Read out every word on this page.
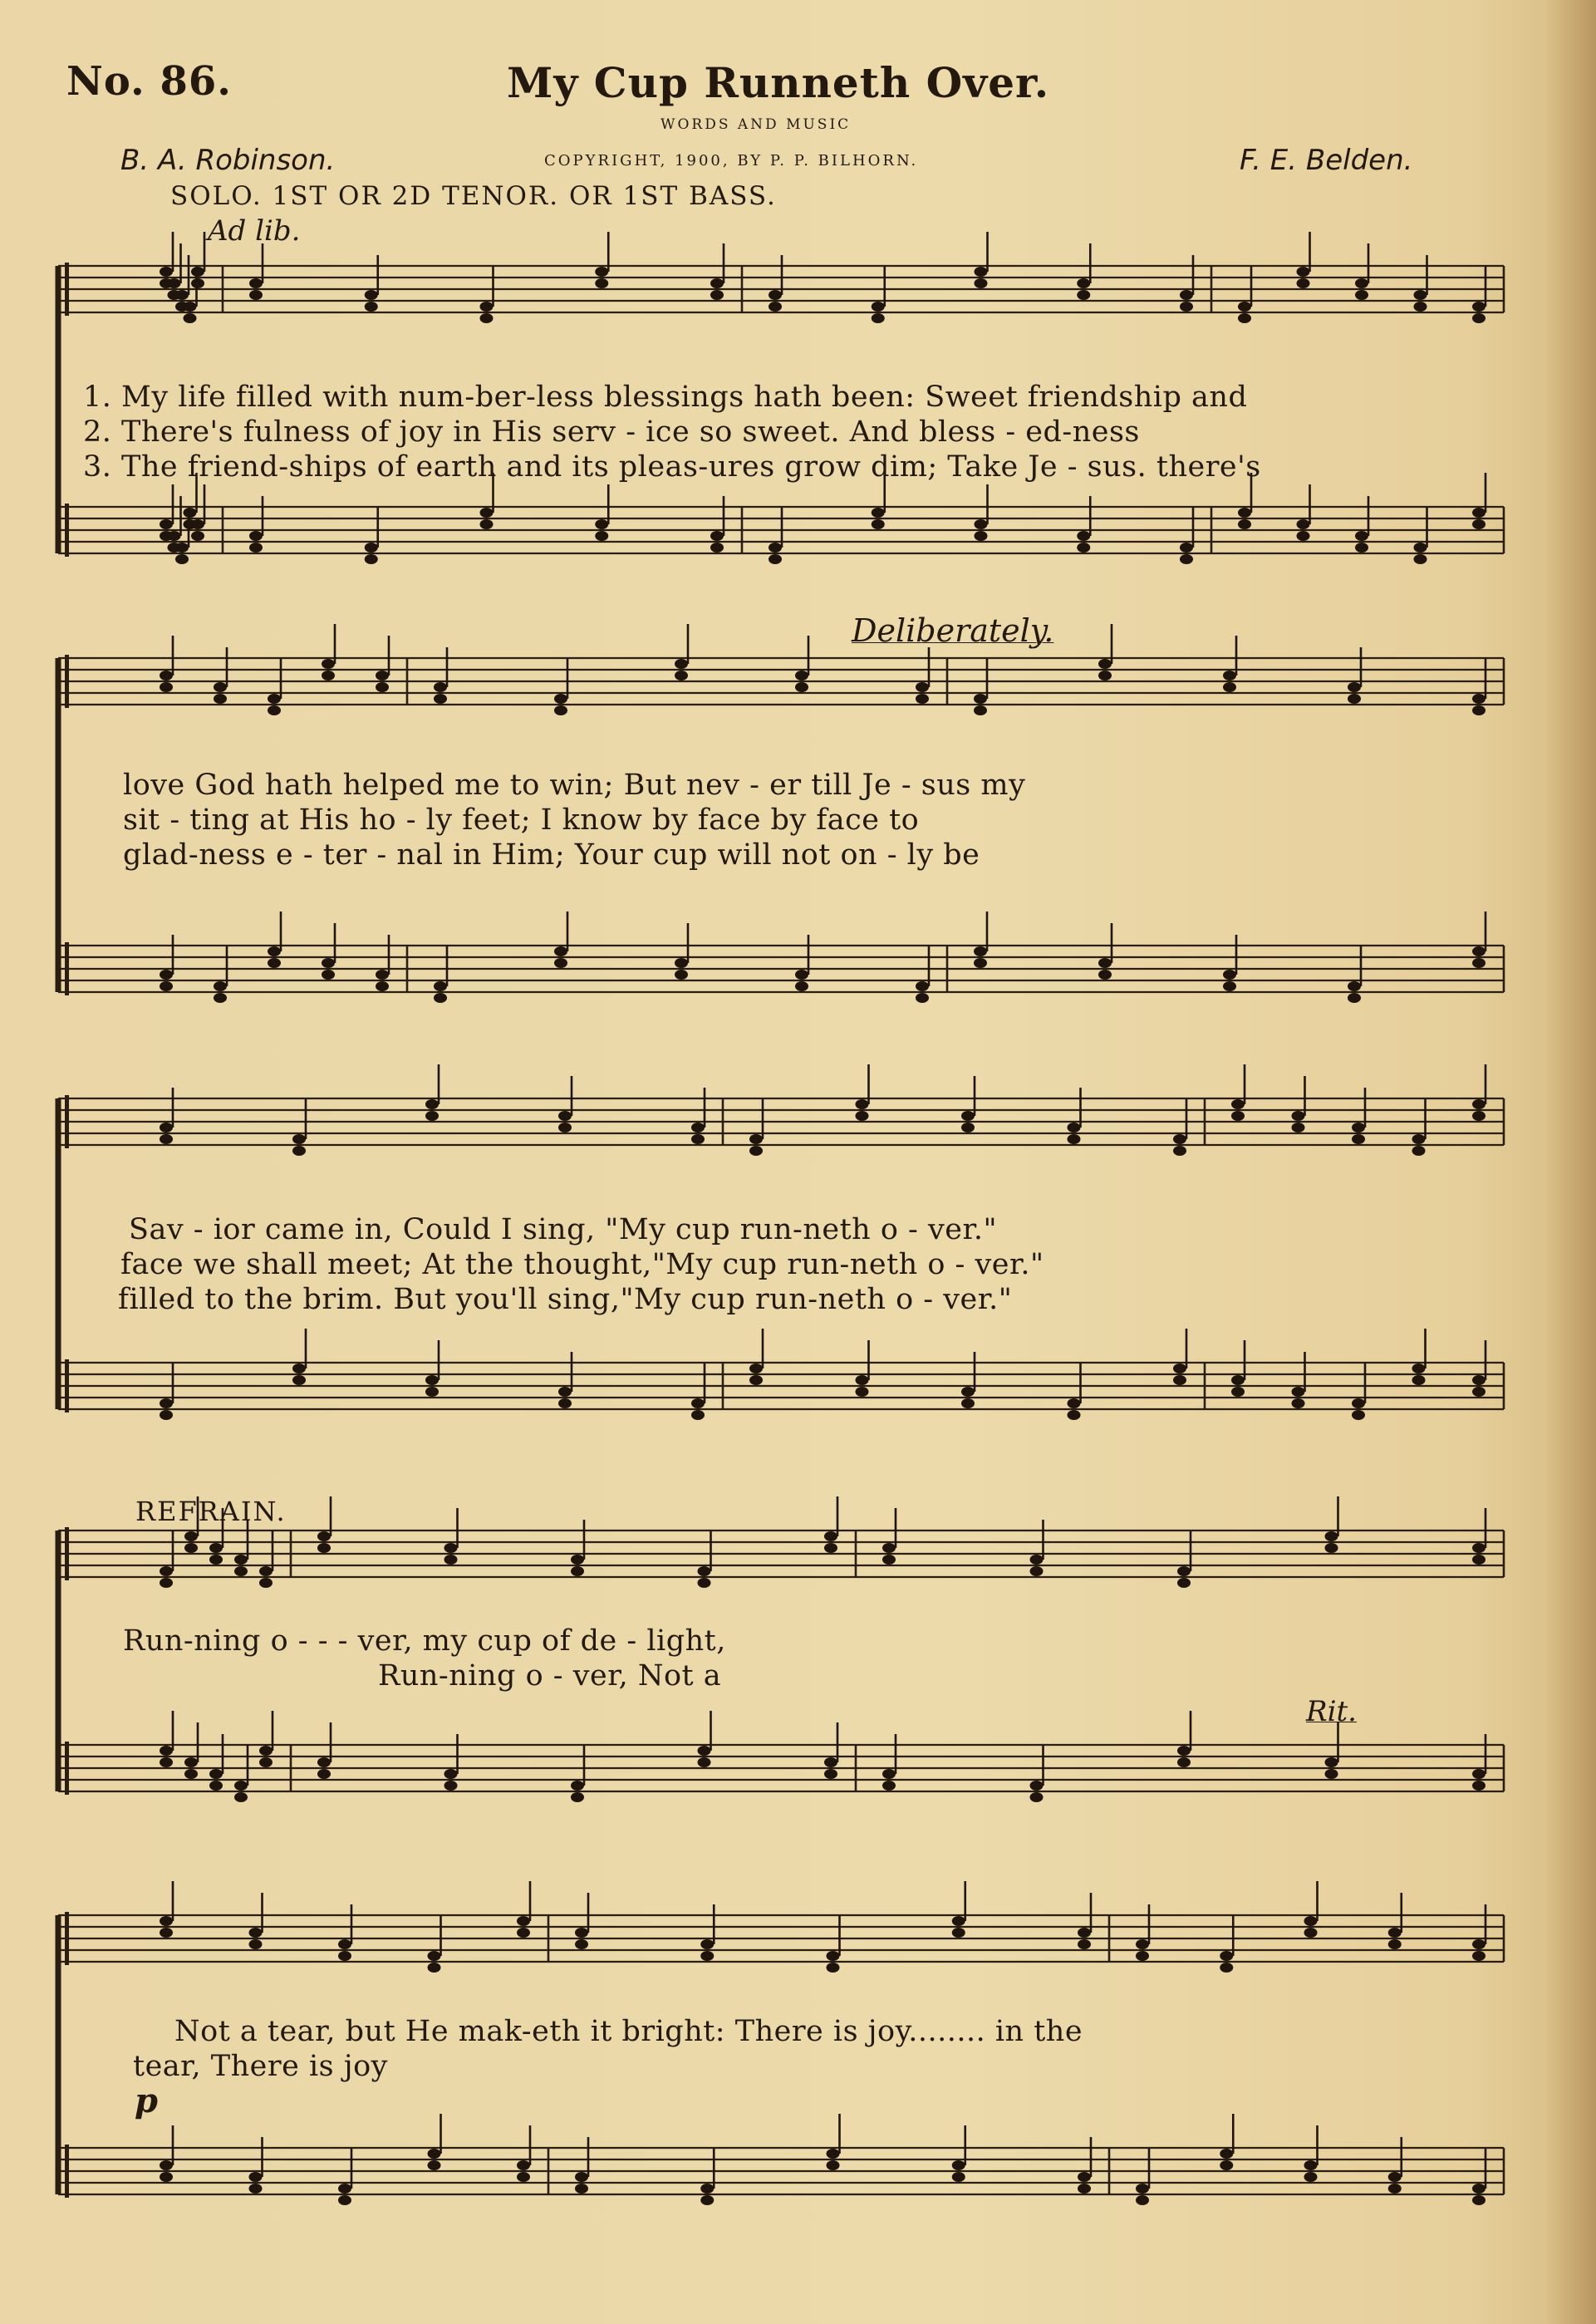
No. 86.	My Cup Runneth Over.
WORDS AND MUSIC
B. A. Robinson.	COPYRIGHT, 1900, BY P. P. BILHORN.	F. E. Belden.
SOLO. 1ST OR 2D TENOR. OR 1ST BASS.
Ad lib.
Deliberately.
REFRAIN.
Rit.
p
1. My life filled with num-ber-less blessings hath been: Sweet friendship and
2. There's fulness of joy in His serv - ice so sweet. And bless - ed-ness
3. The friend-ships of earth and its pleas-ures grow dim; Take Je - sus. there's
love God hath helped me to win; But nev - er till Je - sus my
sit - ting at His ho - ly feet; I know by face by face to
glad-ness e - ter - nal in Him; Your cup will not on - ly be
Sav - ior came in, Could I sing, "My cup run-neth o - ver."
face we shall meet; At the thought,"My cup run-neth o - ver."
filled to the brim. But you'll sing,"My cup run-neth o - ver."
Run-ning o - - - ver, my cup of de - light,
Run-ning o - ver, Not a
Not a tear, but He mak-eth it bright: There is joy........ in the
tear, There is joy
